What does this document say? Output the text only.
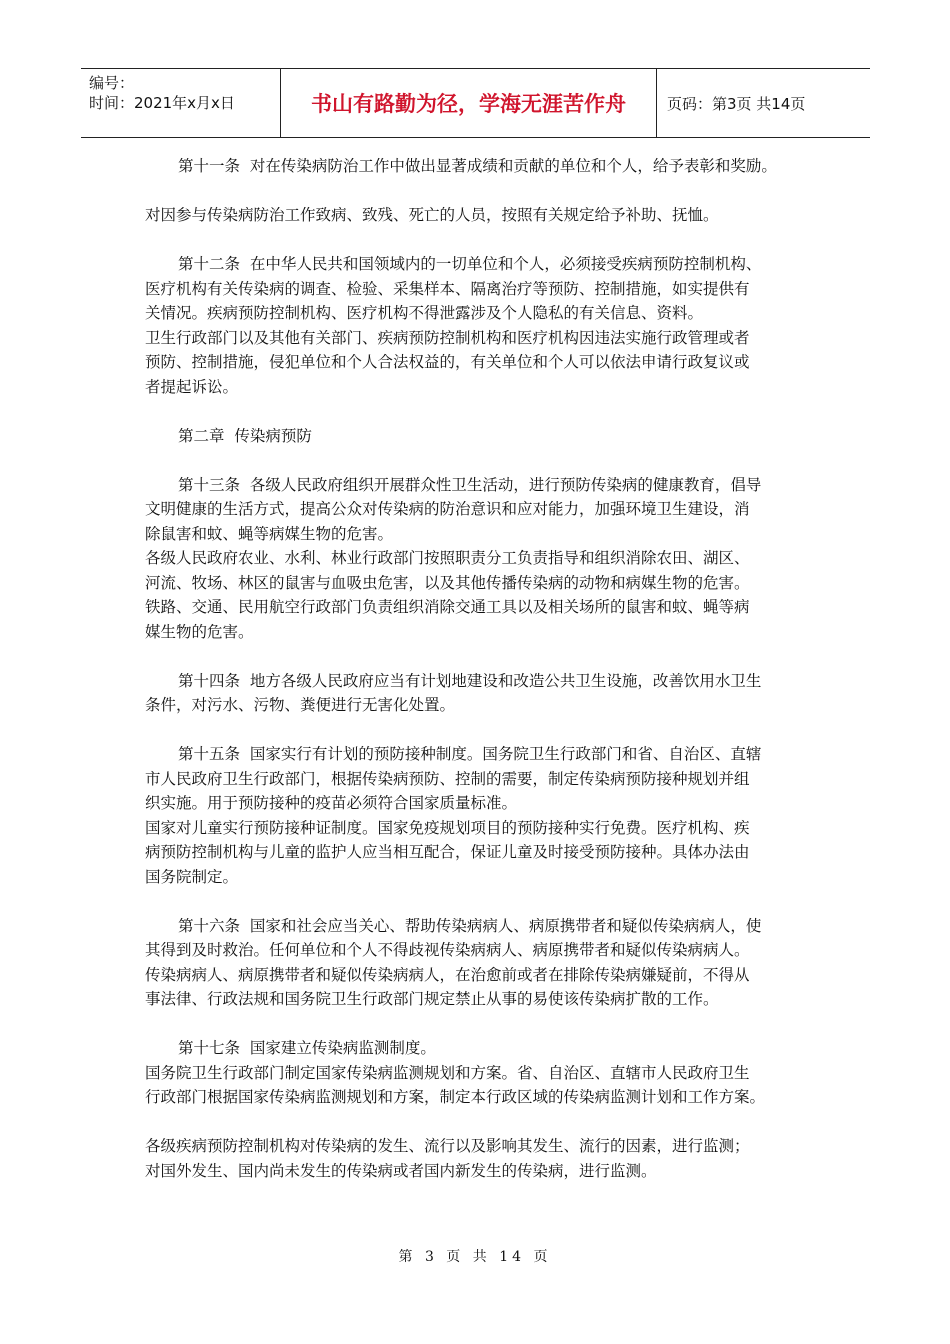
编号：
时间：2021年x月x日	书山有路勤为径，学海无涯苦作舟	页码：第3页 共14页
第十一条  对在传染病防治工作中做出显著成绩和贡献的单位和个人，给予表彰和奖励。
对因参与传染病防治工作致病、致残、死亡的人员，按照有关规定给予补助、抚恤。
第十二条  在中华人民共和国领域内的一切单位和个人，必须接受疾病预防控制机构、
医疗机构有关传染病的调查、检验、采集样本、隔离治疗等预防、控制措施，如实提供有
关情况。疾病预防控制机构、医疗机构不得泄露涉及个人隐私的有关信息、资料。
卫生行政部门以及其他有关部门、疾病预防控制机构和医疗机构因违法实施行政管理或者
预防、控制措施，侵犯单位和个人合法权益的，有关单位和个人可以依法申请行政复议或
者提起诉讼。
第二章  传染病预防
第十三条  各级人民政府组织开展群众性卫生活动，进行预防传染病的健康教育，倡导
文明健康的生活方式，提高公众对传染病的防治意识和应对能力，加强环境卫生建设，消
除鼠害和蚊、蝇等病媒生物的危害。
各级人民政府农业、水利、林业行政部门按照职责分工负责指导和组织消除农田、湖区、
河流、牧场、林区的鼠害与血吸虫危害，以及其他传播传染病的动物和病媒生物的危害。
铁路、交通、民用航空行政部门负责组织消除交通工具以及相关场所的鼠害和蚊、蝇等病
媒生物的危害。
第十四条  地方各级人民政府应当有计划地建设和改造公共卫生设施，改善饮用水卫生
条件，对污水、污物、粪便进行无害化处置。
第十五条  国家实行有计划的预防接种制度。国务院卫生行政部门和省、自治区、直辖
市人民政府卫生行政部门，根据传染病预防、控制的需要，制定传染病预防接种规划并组
织实施。用于预防接种的疫苗必须符合国家质量标准。
国家对儿童实行预防接种证制度。国家免疫规划项目的预防接种实行免费。医疗机构、疾
病预防控制机构与儿童的监护人应当相互配合，保证儿童及时接受预防接种。具体办法由
国务院制定。
第十六条  国家和社会应当关心、帮助传染病病人、病原携带者和疑似传染病病人，使
其得到及时救治。任何单位和个人不得歧视传染病病人、病原携带者和疑似传染病病人。
传染病病人、病原携带者和疑似传染病病人，在治愈前或者在排除传染病嫌疑前，不得从
事法律、行政法规和国务院卫生行政部门规定禁止从事的易使该传染病扩散的工作。
第十七条  国家建立传染病监测制度。
国务院卫生行政部门制定国家传染病监测规划和方案。省、自治区、直辖市人民政府卫生
行政部门根据国家传染病监测规划和方案，制定本行政区域的传染病监测计划和工作方案。
各级疾病预防控制机构对传染病的发生、流行以及影响其发生、流行的因素，进行监测；
对国外发生、国内尚未发生的传染病或者国内新发生的传染病，进行监测。
第 3 页 共 14 页
